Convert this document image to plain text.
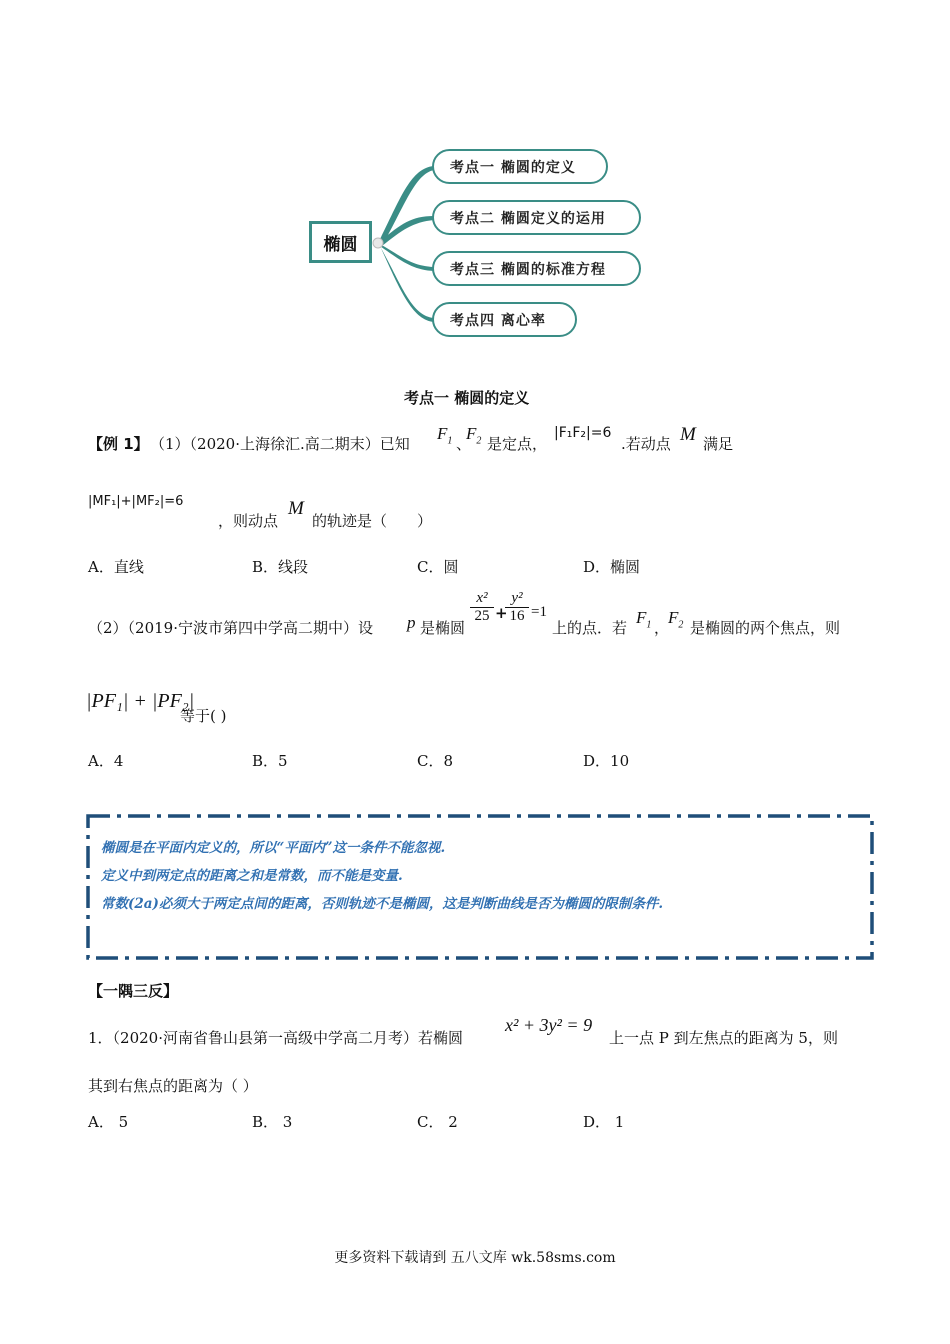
椭圆
考点一 椭圆的定义
考点二 椭圆定义的运用
考点三 椭圆的标准方程
考点四 离心率
考点一 椭圆的定义
【例 1】 （1）（2020·上海徐汇.高二期末）已知
$F_1$ 、
$F_2$ 是定点，
|F₁F₂|=6
.若动点 M 满足
|MF₁|+|MF₂|=6
，则动点
M
的轨迹是（　　）
A．直线	B．线段	C．圆	D．椭圆
（2）（2019·宁波市第四中学高二期中）设 p 是椭圆
$\frac{\text{x²}}{25}$ +
$\frac{\text{y²}}{16} =1$
上的点．若
$F_1$ ，
$F_2$ 是椭圆的两个焦点，则
|PF₁| + |PF₂|
等于( )
A．4	B．5	C．8	D．10
椭圆是在平面内定义的，所以“平面内”这一条件不能忽视.
定义中到两定点的距离之和是常数，而不能是变量.
常数(2a)必须大于两定点间的距离，否则轨迹不是椭圆，这是判断曲线是否为椭圆的限制条件.
【一隅三反】
1．（2020·河南省鲁山县第一高级中学高二月考）若椭圆
x² + 3y² = 9
上一点 P 到左焦点的距离为 5，则
其到右焦点的距离为（ ）
A． 5	B． 3	C． 2	D． 1
更多资料下载请到 五八文库 wk.58sms.com
